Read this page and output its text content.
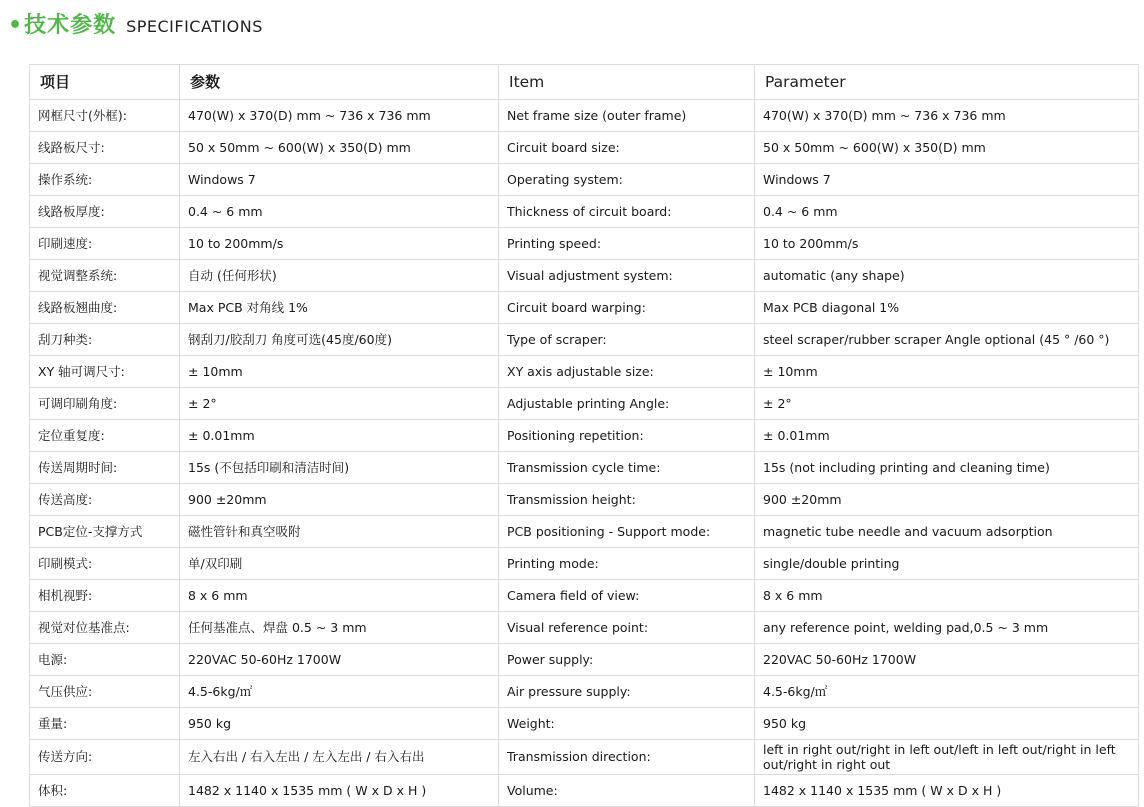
• 技术参数 SPECIFICATIONS
项目	参数	Item	Parameter
网框尺寸(外框):	470(W) x 370(D) mm ~ 736 x 736 mm	Net frame size (outer frame)	470(W) x 370(D) mm ~ 736 x 736 mm
线路板尺寸:	50 x 50mm ~ 600(W) x 350(D) mm	Circuit board size:	50 x 50mm ~ 600(W) x 350(D) mm
操作系统:	Windows 7	Operating system:	Windows 7
线路板厚度:	0.4 ~ 6 mm	Thickness of circuit board:	0.4 ~ 6 mm
印刷速度:	10 to 200mm/s	Printing speed:	10 to 200mm/s
视觉调整系统:	自动 (任何形状)	Visual adjustment system:	automatic (any shape)
线路板翘曲度:	Max PCB 对角线 1%	Circuit board warping:	Max PCB diagonal 1%
刮刀种类:	钢刮刀/胶刮刀 角度可选(45度/60度)	Type of scraper:	steel scraper/rubber scraper Angle optional (45 ° /60 °)
XY 轴可调尺寸:	± 10mm	XY axis adjustable size:	± 10mm
可调印刷角度:	± 2°	Adjustable printing Angle:	± 2°
定位重复度:	± 0.01mm	Positioning repetition:	± 0.01mm
传送周期时间:	15s (不包括印刷和清洁时间)	Transmission cycle time:	15s (not including printing and cleaning time)
传送高度:	900 ±20mm	Transmission height:	900 ±20mm
PCB定位-支撑方式	磁性管针和真空吸附	PCB positioning - Support mode:	magnetic tube needle and vacuum adsorption
印刷模式:	单/双印刷	Printing mode:	single/double printing
相机视野:	8 x 6 mm	Camera field of view:	8 x 6 mm
视觉对位基准点:	任何基准点、焊盘 0.5 ~ 3 mm	Visual reference point:	any reference point, welding pad,0.5 ~ 3 mm
电源:	220VAC 50-60Hz 1700W	Power supply:	220VAC 50-60Hz 1700W
气压供应:	4.5-6kg/㎡	Air pressure supply:	4.5-6kg/㎡
重量:	950 kg	Weight:	950 kg
传送方向:	左入右出 / 右入左出 / 左入左出 / 右入右出	Transmission direction:	left in right out/right in left out/left in left out/right in left out/right in right out
体积:	1482 x 1140 x 1535 mm ( W x D x H )	Volume:	1482 x 1140 x 1535 mm ( W x D x H )
